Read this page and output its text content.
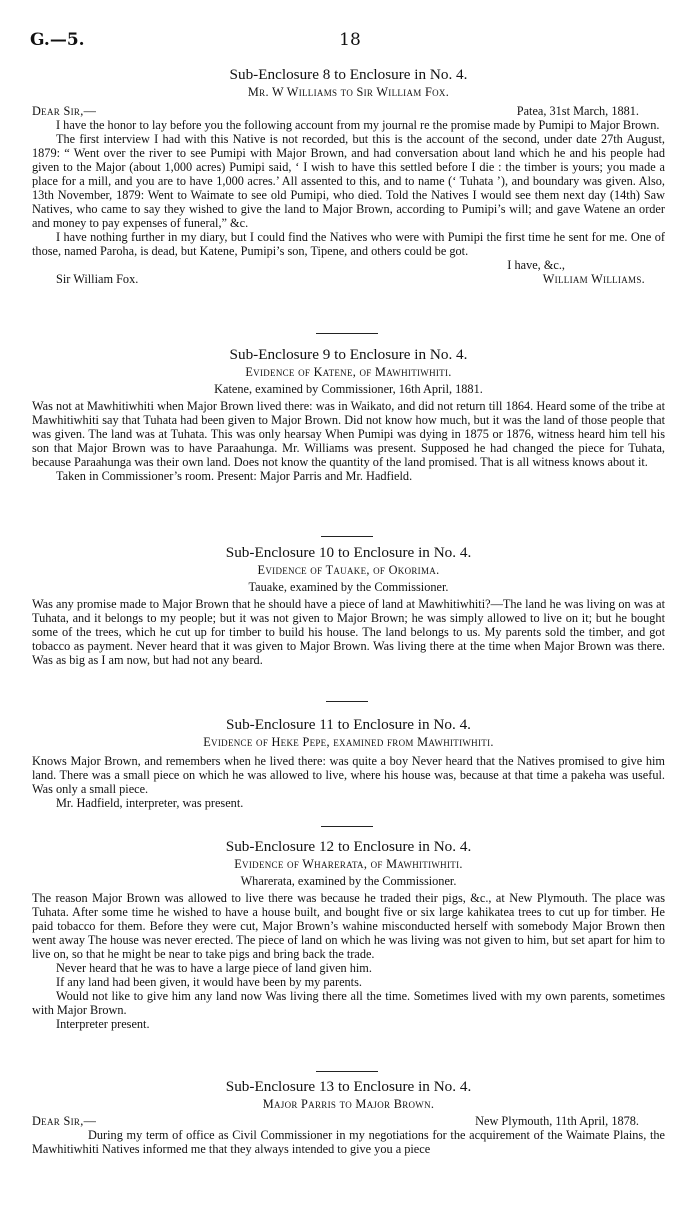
G.—5.	18
Sub-Enclosure 8 to Enclosure in No. 4.
Mr. W Williams to Sir William Fox.
Dear Sir,—	Patea, 31st March, 1881.

I have the honor to lay before you the following account from my journal re the promise made by Pumipi to Major Brown.

The first interview I had with this Native is not recorded, but this is the account of the second, under date 27th August, 1879: “ Went over the river to see Pumipi with Major Brown, and had conversation about land which he and his people had given to the Major (about 1,000 acres) Pumipi said, ‘ I wish to have this settled before I die : the timber is yours; you made a place for a mill, and you are to have 1,000 acres.’ All assented to this, and to name (‘ Tuhata ’), and boundary was given. Also, 13th November, 1879: Went to Waimate to see old Pumipi, who died. Told the Natives I would see them next day (14th) Saw Natives, who came to say they wished to give the land to Major Brown, according to Pumipi’s will; and gave Watene an order and money to pay expenses of funeral,” &c.

I have nothing further in my diary, but I could find the Natives who were with Pumipi the first time he sent for me. One of those, named Paroha, is dead, but Katene, Pumipi’s son, Tipene, and others could be got.

I have, &c.,
Sir William Fox.	William Williams.
Sub-Enclosure 9 to Enclosure in No. 4.
Evidence of Katene, of Mawhitiwhiti.
Katene, examined by Commissioner, 16th April, 1881.

Was not at Mawhitiwhiti when Major Brown lived there: was in Waikato, and did not return till 1864. Heard some of the tribe at Mawhitiwhiti say that Tuhata had been given to Major Brown. Did not know how much, but it was the land of those people that was given. The land was at Tuhata. This was only hearsay When Pumipi was dying in 1875 or 1876, witness heard him tell his son that Major Brown was to have Paraahunga. Mr. Williams was present. Supposed he had changed the piece for Tuhata, because Paraahunga was their own land. Does not know the quantity of the land promised. That is all witness knows about it.

Taken in Commissioner’s room. Present: Major Parris and Mr. Hadfield.

Sub-Enclosure 10 to Enclosure in No. 4.
Evidence of Tauake, of Okorima.
Tauake, examined by the Commissioner.

Was any promise made to Major Brown that he should have a piece of land at Mawhitiwhiti?—The land he was living on was at Tuhata, and it belongs to my people; but it was not given to Major Brown; he was simply allowed to live on it; but he bought some of the trees, which he cut up for timber to build his house. The land belongs to us. My parents sold the timber, and got tobacco as payment. Never heard that it was given to Major Brown. Was living there at the time when Major Brown was there. Was as big as I am now, but had not any beard.

Sub-Enclosure 11 to Enclosure in No. 4.
Evidence of Heke Pepe, examined from Mawhitiwhiti.

Knows Major Brown, and remembers when he lived there: was quite a boy Never heard that the Natives promised to give him land. There was a small piece on which he was allowed to live, where his house was, because at that time a pakeha was useful. Was only a small piece.

Mr. Hadfield, interpreter, was present.

Sub-Enclosure 12 to Enclosure in No. 4.
Evidence of Wharerata, of Mawhitiwhiti.
Wharerata, examined by the Commissioner.

The reason Major Brown was allowed to live there was because he traded their pigs, &c., at New Plymouth. The place was Tuhata. After some time he wished to have a house built, and bought five or six large kahikatea trees to cut up for timber. He paid tobacco for them. Before they were cut, Major Brown’s wahine misconducted herself with somebody Major Brown then went away The house was never erected. The piece of land on which he was living was not given to him, but set apart for him to live on, so that he might be near to take pigs and bring back the trade.

Never heard that he was to have a large piece of land given him.

If any land had been given, it would have been by my parents.

Would not like to give him any land now Was living there all the time. Sometimes lived with my own parents, sometimes with Major Brown.

Interpreter present.

Sub-Enclosure 13 to Enclosure in No. 4.
Major Parris to Major Brown.
Dear Sir,—	New Plymouth, 11th April, 1878.

During my term of office as Civil Commissioner in my negotiations for the acquirement of the Waimate Plains, the Mawhitiwhiti Natives informed me that they always intended to give you a piece
